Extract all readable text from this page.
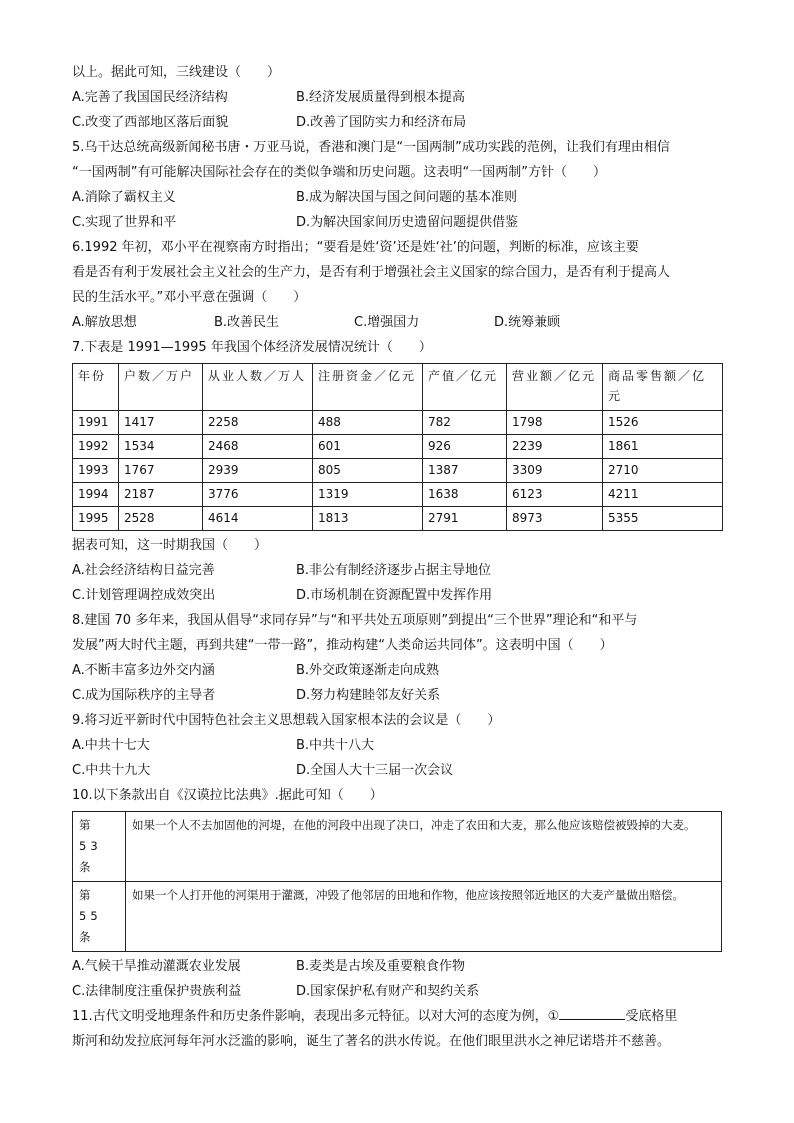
以上。据此可知，三线建设（　　）
A.完善了我国国民经济结构	B.经济发展质量得到根本提高
C.改变了西部地区落后面貌	D.改善了国防实力和经济布局
5.乌干达总统高级新闻秘书唐・万亚马说，香港和澳门是“一国两制”成功实践的范例，让我们有理由相信
“一国两制”有可能解决国际社会存在的类似争端和历史问题。这表明“一国两制”方针（　　）
A.消除了霸权主义	B.成为解决国与国之间问题的基本准则
C.实现了世界和平	D.为解决国家间历史遗留问题提供借鉴
6.1992 年初，邓小平在视察南方时指出；“要看是姓‘资’还是姓‘社’的问题，判断的标准，应该主要
看是否有利于发展社会主义社会的生产力，是否有利于增强社会主义国家的综合国力，是否有利于提高人
民的生活水平。”邓小平意在强调（　　）
A.解放思想	B.改善民生	C.增强国力	D.统筹兼顾
7.下表是 1991—1995 年我国个体经济发展情况统计（　　）
年份	户数／万户	从业人数／万人	注册资金／亿元	产值／亿元	营业额／亿元	商品零售额／亿元
1991	1417	2258	488	782	1798	1526
1992	1534	2468	601	926	2239	1861
1993	1767	2939	805	1387	3309	2710
1994	2187	3776	1319	1638	6123	4211
1995	2528	4614	1813	2791	8973	5355
据表可知，这一时期我国（　　）
A.社会经济结构日益完善	B.非公有制经济逐步占据主导地位
C.计划管理调控成效突出	D.市场机制在资源配置中发挥作用
8.建国 70 多年来，我国从倡导“求同存异”与“和平共处五项原则”到提出“三个世界”理论和“和平与
发展”两大时代主题，再到共建“一带一路”，推动构建“人类命运共同体”。这表明中国（　　）
A.不断丰富多边外交内涵	B.外交政策逐渐走向成熟
C.成为国际秩序的主导者	D.努力构建睦邻友好关系
9.将习近平新时代中国特色社会主义思想载入国家根本法的会议是（　　）
A.中共十七大	B.中共十八大
C.中共十九大	D.全国人大十三届一次会议
10.以下条款出自《汉谟拉比法典》.据此可知（　　）
第 53 条	如果一个人不去加固他的河堤，在他的河段中出现了决口，冲走了农田和大麦，那么他应该赔偿被毁掉的大麦。
第 55 条	如果一个人打开他的河渠用于灌溉，冲毁了他邻居的田地和作物，他应该按照邻近地区的大麦产量做出赔偿。
A.气候干旱推动灌溉农业发展	B.麦类是古埃及重要粮食作物
C.法律制度注重保护贵族利益	D.国家保护私有财产和契约关系
11.古代文明受地理条件和历史条件影响，表现出多元特征。以对大河的态度为例，①	受底格里
斯河和幼发拉底河每年河水泛滥的影响，诞生了著名的洪水传说。在他们眼里洪水之神尼诺塔并不慈善。
